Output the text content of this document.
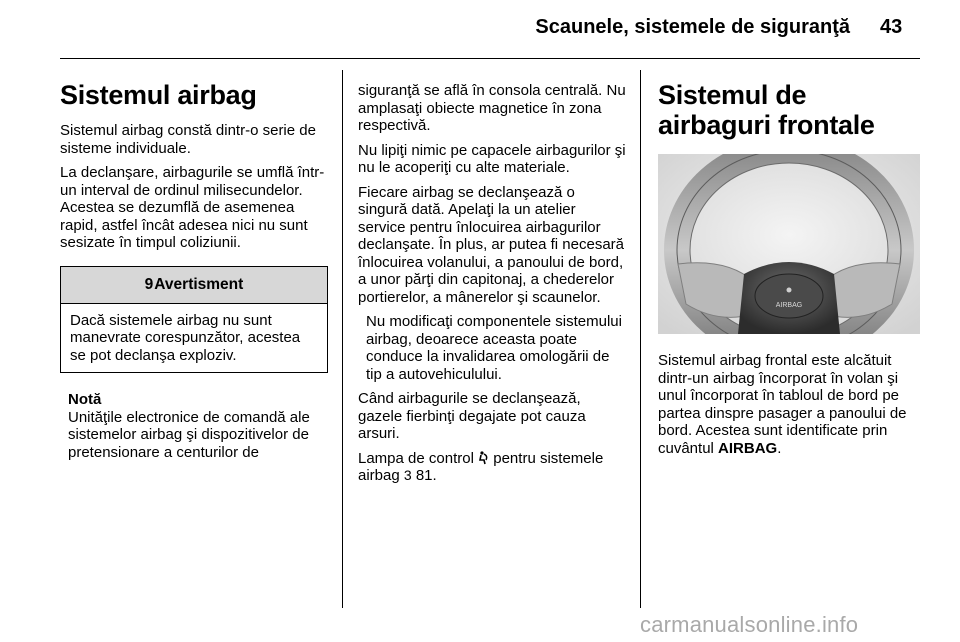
Scaunele, sistemele de siguranţă 43
Sistemul airbag

Sistemul airbag constă dintr-o serie de sisteme individuale.

La declanşare, airbagurile se umflă într-un interval de ordinul milisecundelor. Acestea se dezumflă de asemenea rapid, astfel încât adesea nici nu sunt sesizate în timpul coliziunii.

9Avertisment
Dacă sistemele airbag nu sunt manevrate corespunzător, acestea se pot declanşa exploziv.
Notă
Unităţile electronice de comandă ale sistemelor airbag şi dispozitivelor de pretensionare a centurilor de

siguranţă se află în consola centrală. Nu amplasaţi obiecte magnetice în zona respectivă.

Nu lipiţi nimic pe capacele airbagurilor şi nu le acoperiţi cu alte materiale.

Fiecare airbag se declanşează o singură dată. Apelaţi la un atelier service pentru înlocuirea airbagurilor declanşate. În plus, ar putea fi necesară înlocuirea volanului, a panoului de bord, a unor părţi din capitonaj, a chederelor portierelor, a mânerelor şi scaunelor.

Nu modificaţi componentele sistemului airbag, deoarece aceasta poate conduce la invalidarea omologării de tip a autovehiculului.

Când airbagurile se declanşează, gazele fierbinţi degajate pot cauza arsuri.

Lampa de control pentru sistemele airbag 3 81.

Sistemul de airbaguri frontale
AIRBAG

Sistemul airbag frontal este alcătuit dintr-un airbag încorporat în volan şi unul încorporat în tabloul de bord pe partea dinspre pasager a panoului de bord. Acestea sunt identificate prin cuvântul AIRBAG.

carmanualsonline.info
